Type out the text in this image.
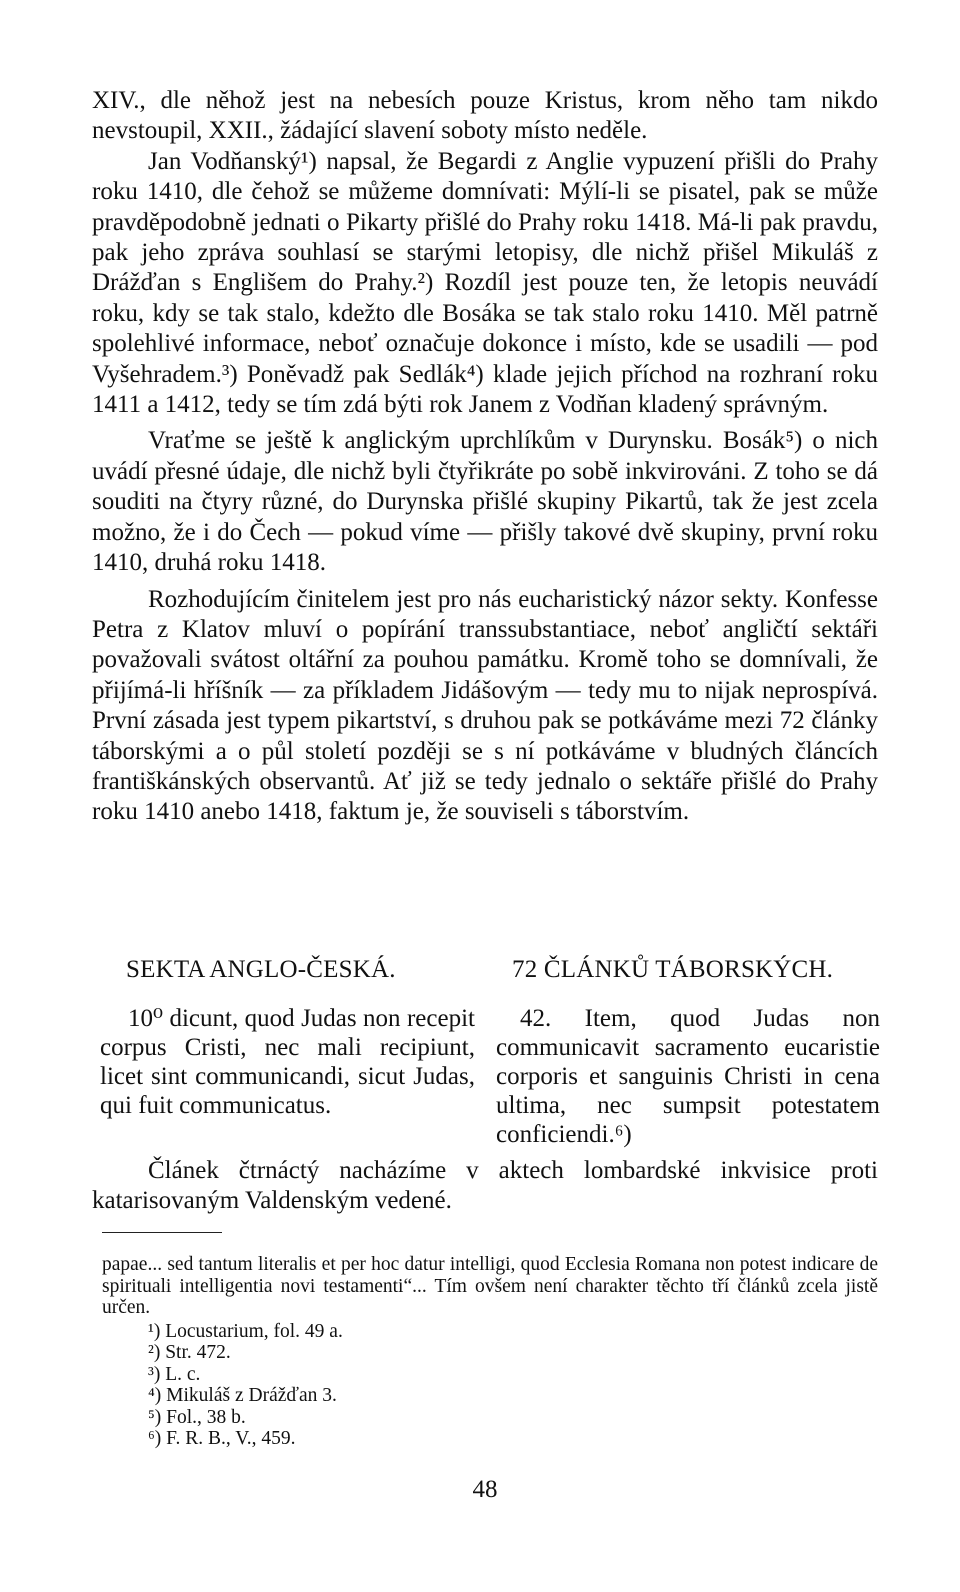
XIV., dle něhož jest na nebesích pouze Kristus, krom něho tam nikdo nevstoupil, XXII., žádající slavení soboty místo neděle.

Jan Vodňanský¹) napsal, že Begardi z Anglie vypuzení přišli do Prahy roku 1410, dle čehož se můžeme domnívati: Mýlí-li se pisatel, pak se může pravděpodobně jednati o Pikarty přišlé do Prahy roku 1418. Má-li pak pravdu, pak jeho zpráva souhlasí se starými letopisy, dle nichž přišel Mikuláš z Drážďan s Englišem do Prahy.²) Rozdíl jest pouze ten, že letopis neuvádí roku, kdy se tak stalo, kdežto dle Bosáka se tak stalo roku 1410. Měl patrně spolehlivé informace, neboť označuje dokonce i místo, kde se usadili — pod Vyšehradem.³) Poněvadž pak Sedlák⁴) klade jejich příchod na rozhraní roku 1411 a 1412, tedy se tím zdá býti rok Janem z Vodňan kladený správným.

Vraťme se ještě k anglickým uprchlíkům v Durynsku. Bosák⁵) o nich uvádí přesné údaje, dle nichž byli čtyřikráte po sobě inkvirováni. Z toho se dá souditi na čtyry různé, do Durynska přišlé skupiny Pikartů, tak že jest zcela možno, že i do Čech — pokud víme — přišly takové dvě skupiny, první roku 1410, druhá roku 1418.

Rozhodujícím činitelem jest pro nás eucharistický názor sekty. Konfesse Petra z Klatov mluví o popírání transsubstantiace, neboť angličtí sektáři považovali svátost oltářní za pouhou památku. Kromě toho se domnívali, že přijímá-li hříšník — za příkladem Jidášovým — tedy mu to nijak neprospívá. První zásada jest typem pikartství, s druhou pak se potkáváme mezi 72 články táborskými a o půl století později se s ní potkáváme v bludných článcích františkánských observantů. Ať již se tedy jednalo o sektáře přišlé do Prahy roku 1410 anebo 1418, faktum je, že souviseli s táborstvím.

SEKTA ANGLO-ČESKÁ.	72 ČLÁNKŮ TÁBORSKÝCH.
10⁰ dicunt, quod Judas non recepit corpus Cristi, nec mali recipiunt, licet sint communicandi, sicut Judas, qui fuit communicatus.
42. Item, quod Judas non communicavit sacramento eucaristie corporis et sanguinis Christi in cena ultima, nec sumpsit potestatem conficiendi.⁶)
Článek čtrnáctý nacházíme v aktech lombardské inkvisice proti katarisovaným Valdenským vedené.

papae... sed tantum literalis et per hoc datur intelligi, quod Ecclesia Romana non potest indicare de spirituali intelligentia novi testamenti“... Tím ovšem není charakter těchto tří článků zcela jistě určen.

¹) Locustarium, fol. 49 a.
²) Str. 472.
³) L. c.
⁴) Mikuláš z Drážďan 3.
⁵) Fol., 38 b.
⁶) F. R. B., V., 459.
48
